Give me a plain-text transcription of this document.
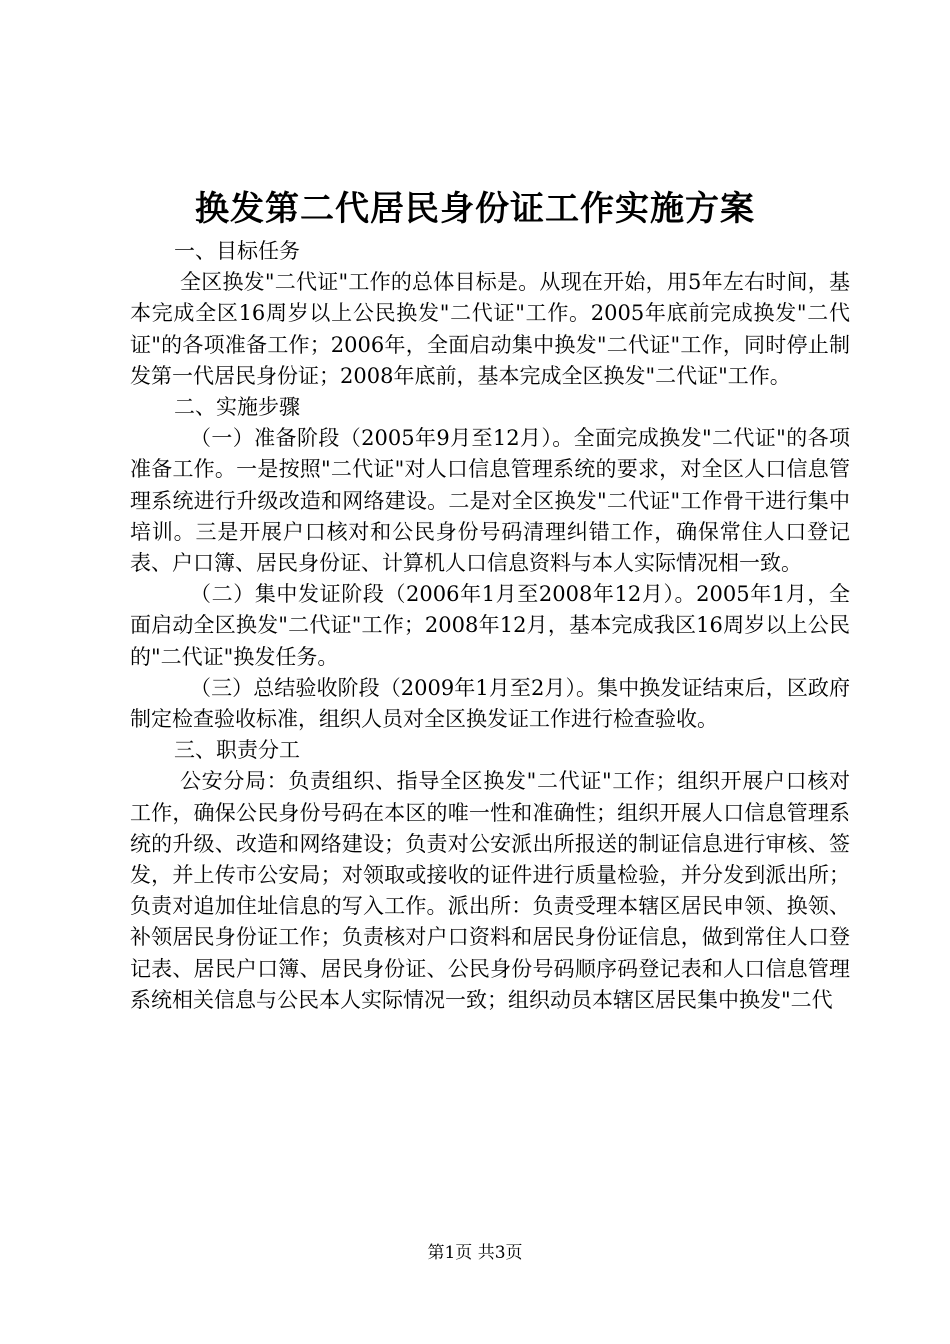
换发第二代居民身份证工作实施方案

一、目标任务

全区换发"二代证"工作的总体目标是。从现在开始，用5年左右时间，基本完成全区16周岁以上公民换发"二代证"工作。2005年底前完成换发"二代证"的各项准备工作；2006年，全面启动集中换发"二代证"工作，同时停止制发第一代居民身份证；2008年底前，基本完成全区换发"二代证"工作。

二、实施步骤

（一）准备阶段（2005年9月至12月）。全面完成换发"二代证"的各项准备工作。一是按照"二代证"对人口信息管理系统的要求，对全区人口信息管理系统进行升级改造和网络建设。二是对全区换发"二代证"工作骨干进行集中培训。三是开展户口核对和公民身份号码清理纠错工作，确保常住人口登记表、户口簿、居民身份证、计算机人口信息资料与本人实际情况相一致。

（二）集中发证阶段（2006年1月至2008年12月）。2005年1月，全面启动全区换发"二代证"工作；2008年12月，基本完成我区16周岁以上公民的"二代证"换发任务。

（三）总结验收阶段（2009年1月至2月）。集中换发证结束后，区政府制定检查验收标准，组织人员对全区换发证工作进行检查验收。

三、职责分工

公安分局：负责组织、指导全区换发"二代证"工作；组织开展户口核对工作，确保公民身份号码在本区的唯一性和准确性；组织开展人口信息管理系统的升级、改造和网络建设；负责对公安派出所报送的制证信息进行审核、签发，并上传市公安局；对领取或接收的证件进行质量检验，并分发到派出所；负责对追加住址信息的写入工作。派出所：负责受理本辖区居民申领、换领、补领居民身份证工作；负责核对户口资料和居民身份证信息，做到常住人口登记表、居民户口簿、居民身份证、公民身份号码顺序码登记表和人口信息管理系统相关信息与公民本人实际情况一致；组织动员本辖区居民集中换发"二代

第1页 共3页
